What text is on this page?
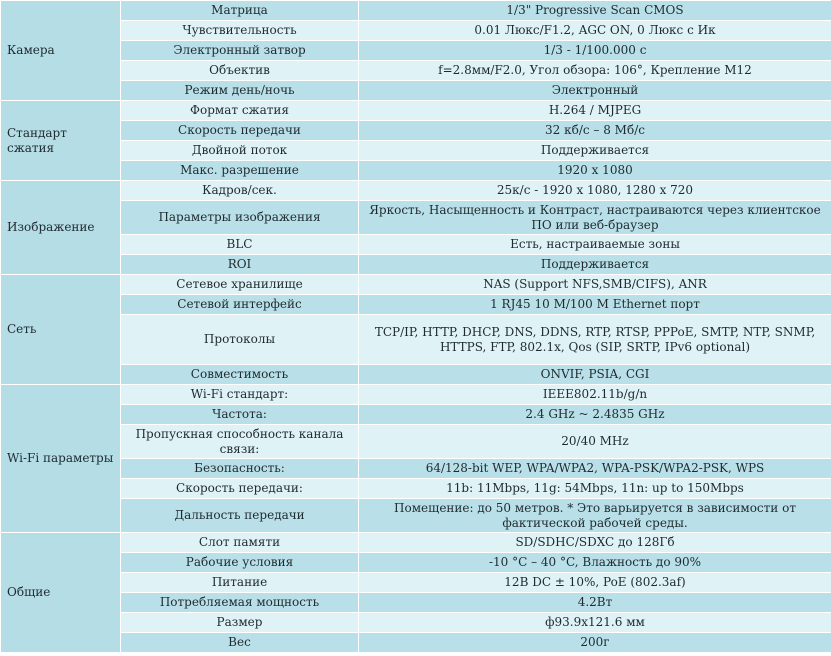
Камера	Матрица	1/3" Progressive Scan CMOS
	Чувствительность	0.01 Люкс/F1.2, AGC ON, 0 Люкс с Ик
	Электронный затвор	1/3 - 1/100.000 с
	Объектив	f=2.8мм/F2.0, Угол обзора: 106°, Крепление М12
	Режим день/ночь	Электронный
Стандарт сжатия	Формат сжатия	H.264 / MJPEG
	Скорость передачи	32 кб/с – 8 Мб/с
	Двойной поток	Поддерживается
	Макс. разрешение	1920 x 1080
Изображение	Кадров/сек.	25к/с - 1920 x 1080, 1280 x 720
	Параметры изображения	Яркость, Насыщенность и Контраст, настраиваются через клиентское ПО или веб-браузер
	BLC	Есть, настраиваемые зоны
	ROI	Поддерживается
Сеть	Сетевое хранилище	NAS (Support NFS,SMB/CIFS), ANR
	Сетевой интерфейс	1 RJ45 10 M/100 M Ethernet порт
	Протоколы	TCP/IP, HTTP, DHCP, DNS, DDNS, RTP, RTSP, PPPoE, SMTP, NTP, SNMP, HTTPS, FTP, 802.1x, Qos (SIP, SRTP, IPv6 optional)
	Совместимость	ONVIF, PSIA, CGI
Wi-Fi параметры	Wi-Fi стандарт:	IEEE802.11b/g/n
	Частота:	2.4 GHz ~ 2.4835 GHz
	Пропускная способность канала связи:	20/40 MHz
	Безопасность:	64/128-bit WEP, WPA/WPA2, WPA-PSK/WPA2-PSK, WPS
	Скорость передачи:	11b: 11Mbps, 11g: 54Mbps, 11n: up to 150Mbps
	Дальность передачи	Помещение: до 50 метров. * Это варьируется в зависимости от фактической рабочей среды.
Общие	Слот памяти	SD/SDHC/SDXC до 128Гб
	Рабочие условия	-10 °C – 40 °C, Влажность до 90%
	Питание	12В DC ± 10%, PoE (802.3af)
	Потребляемая мощность	4.2Вт
	Размер	ф93.9x121.6 мм
	Вес	200г
